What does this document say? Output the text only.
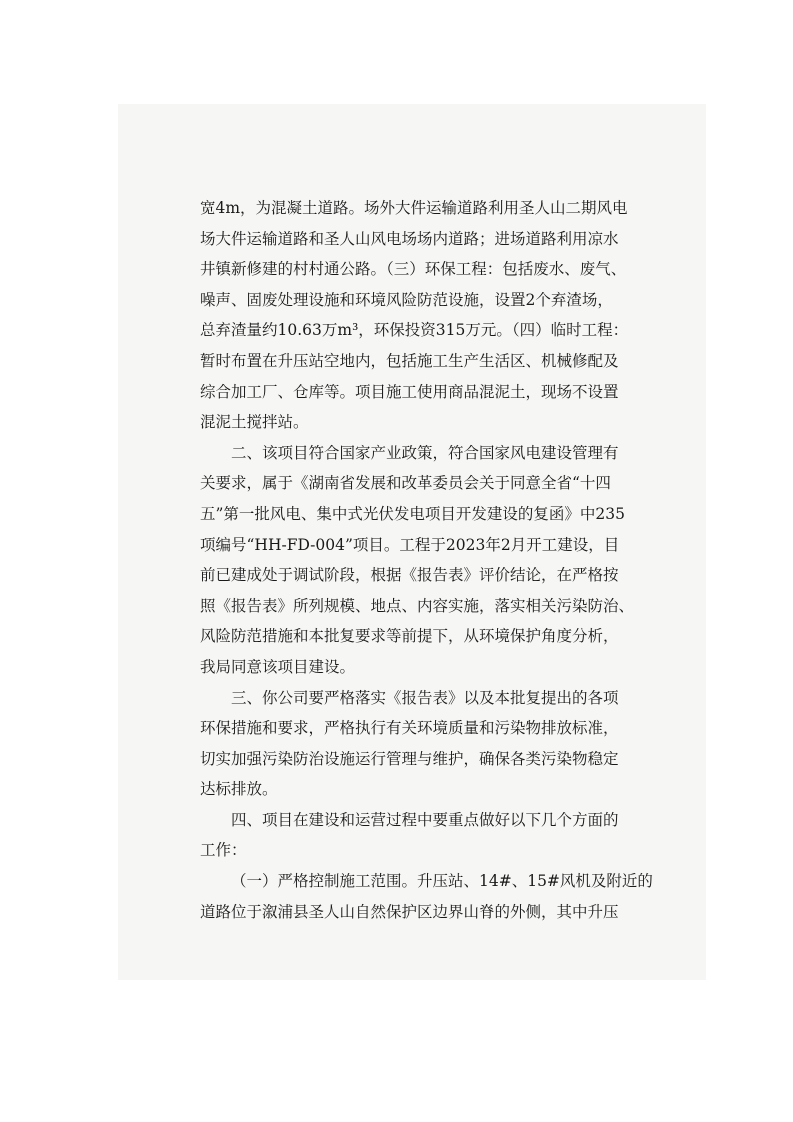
宽4m，为混凝土道路。场外大件运输道路利用圣人山二期风电
场大件运输道路和圣人山风电场场内道路；进场道路利用凉水
井镇新修建的村村通公路。（三）环保工程：包括废水、废气、
噪声、固废处理设施和环境风险防范设施，设置2个弃渣场，
总弃渣量约10.63万m³，环保投资315万元。（四）临时工程：
暂时布置在升压站空地内，包括施工生产生活区、机械修配及
综合加工厂、仓库等。项目施工使用商品混泥土，现场不设置
混泥土搅拌站。

二、该项目符合国家产业政策，符合国家风电建设管理有
关要求，属于《湖南省发展和改革委员会关于同意全省“十四
五”第一批风电、集中式光伏发电项目开发建设的复函》中235
项编号“HH-FD-004”项目。工程于2023年2月开工建设，目
前已建成处于调试阶段，根据《报告表》评价结论，在严格按
照《报告表》所列规模、地点、内容实施，落实相关污染防治、
风险防范措施和本批复要求等前提下，从环境保护角度分析，
我局同意该项目建设。

三、你公司要严格落实《报告表》以及本批复提出的各项
环保措施和要求，严格执行有关环境质量和污染物排放标准，
切实加强污染防治设施运行管理与维护，确保各类污染物稳定
达标排放。

四、项目在建设和运营过程中要重点做好以下几个方面的
工作：

（一）严格控制施工范围。升压站、14#、15#风机及附近的
道路位于溆浦县圣人山自然保护区边界山脊的外侧，其中升压
